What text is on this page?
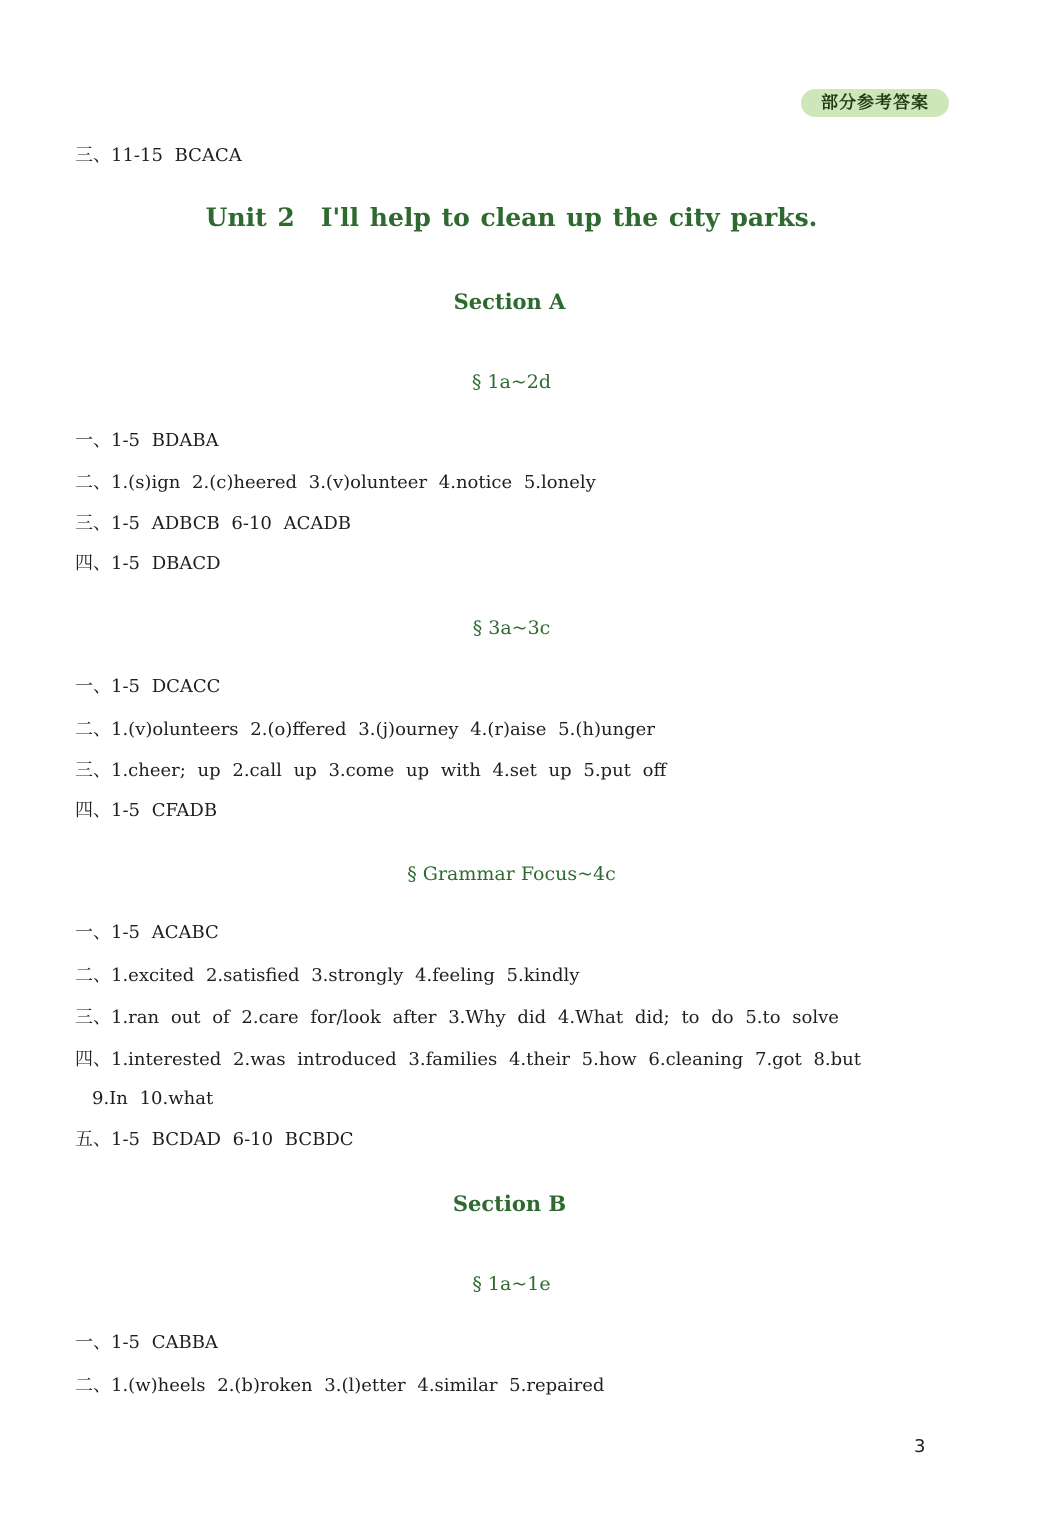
部分参考答案
三、11-15 BCACA
Unit 2 I'll help to clean up the city parks.
Section A
§ 1a~2d
一、1-5 BDABA
二、1.(s)ign 2.(c)heered 3.(v)olunteer 4.notice 5.lonely
三、1-5 ADBCB 6-10 ACADB
四、1-5 DBACD
§ 3a~3c
一、1-5 DCACC
二、1.(v)olunteers 2.(o)ffered 3.(j)ourney 4.(r)aise 5.(h)unger
三、1.cheer; up 2.call up 3.come up with 4.set up 5.put off
四、1-5 CFADB
§ Grammar Focus~4c
一、1-5 ACABC
二、1.excited 2.satisfied 3.strongly 4.feeling 5.kindly
三、1.ran out of 2.care for/look after 3.Why did 4.What did; to do 5.to solve
四、1.interested 2.was introduced 3.families 4.their 5.how 6.cleaning 7.got 8.but
9.In 10.what
五、1-5 BCDAD 6-10 BCBDC
Section B
§ 1a~1e
一、1-5 CABBA
二、1.(w)heels 2.(b)roken 3.(l)etter 4.similar 5.repaired
3
